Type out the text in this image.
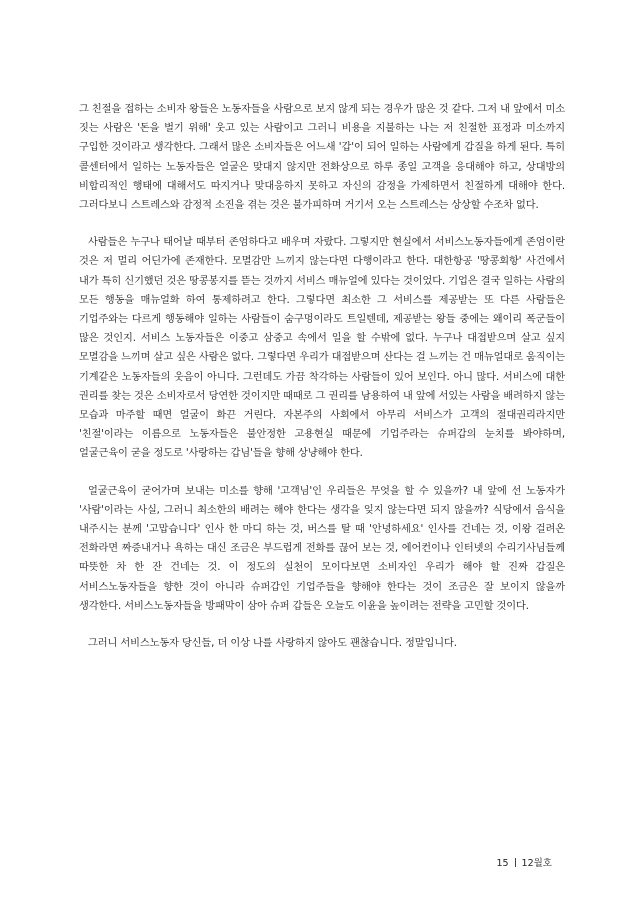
그 친절을 접하는 소비자 왕들은 노동자들을 사람으로 보지 않게 되는 경우가 많은 것 같다. 그저 내 앞에서 미소 짓는 사람은 '돈을 벌기 위해' 웃고 있는 사람이고 그러니 비용을 지불하는 나는 저 친절한 표정과 미소까지 구입한 것이라고 생각한다. 그래서 많은 소비자들은 어느새 '갑'이 되어 일하는 사람에게 갑질을 하게 된다. 특히 콜센터에서 일하는 노동자들은 얼굴은 맞대지 않지만 전화상으로 하루 종일 고객을 응대해야 하고, 상대방의 비합리적인 행태에 대해서도 따지거나 맞대응하지 못하고 자신의 감정을 가제하면서 친절하게 대해야 한다. 그러다보니 스트레스와 감정적 소진을 겪는 것은 불가피하며 거기서 오는 스트레스는 상상할 수조차 없다.

사람들은 누구나 태어날 때부터 존엄하다고 배우며 자랐다. 그렇지만 현실에서 서비스노동자들에게 존엄이란 것은 저 멀리 어딘가에 존재한다. 모멸감만 느끼지 않는다면 다행이라고 한다. 대한항공 '땅콩회항' 사건에서 내가 특히 신기했던 것은 땅콩봉지를 뜯는 것까지 서비스 매뉴얼에 있다는 것이었다. 기업은 결국 일하는 사람의 모든 행동을 매뉴얼화 하여 통제하려고 한다. 그렇다면 최소한 그 서비스를 제공받는 또 다른 사람들은 기업주와는 다르게 행동해야 일하는 사람들이 숨구멍이라도 트일텐데, 제공받는 왕들 중에는 왜이리 폭군들이 많은 것인지. 서비스 노동자들은 이중고 삼중고 속에서 일을 할 수밖에 없다. 누구나 대접받으며 살고 싶지 모멸감을 느끼며 살고 싶은 사람은 없다. 그렇다면 우리가 대접받으며 산다는 걸 느끼는 건 매뉴얼대로 움직이는 기계같은 노동자들의 웃음이 아니다. 그런데도 가끔 착각하는 사람들이 있어 보인다. 아니 많다. 서비스에 대한 권리를 찾는 것은 소비자로서 당연한 것이지만 때때로 그 권리를 남용하여 내 앞에 서있는 사람을 배려하지 않는 모습과 마주할 때면 얼굴이 화끈 거린다. 자본주의 사회에서 아무리 서비스가 고객의 절대권리라지만 '친절'이라는 이름으로 노동자들은 불안정한 고용현실 때문에 기업주라는 슈퍼갑의 눈치를 봐야하며, 얼굴근육이 굳을 정도로 '사랑하는 갑님'들을 향해 상냥해야 한다.

얼굴근육이 굳어가며 보내는 미소를 향해 '고객님'인 우리들은 무엇을 할 수 있을까? 내 앞에 선 노동자가 '사람'이라는 사실, 그러니 최소한의 배려는 해야 한다는 생각을 잊지 않는다면 되지 않을까? 식당에서 음식을 내주시는 분께 '고맙습니다' 인사 한 마디 하는 것, 버스를 탈 때 '안녕하세요' 인사를 건네는 것, 이왕 걸려온 전화라면 짜증내거나 욕하는 대신 조금은 부드럽게 전화를 끊어 보는 것, 에어컨이나 인터넷의 수리기사님들께 따뜻한 차 한 잔 건네는 것. 이 정도의 실천이 모이다보면 소비자인 우리가 해야 할 진짜 갑질은 서비스노동자들을 향한 것이 아니라 슈퍼갑인 기업주들을 향해야 한다는 것이 조금은 잘 보이지 않을까 생각한다. 서비스노동자들을 방패막이 삼아 슈퍼 갑들은 오늘도 이윤을 높이려는 전략을 고민할 것이다.

그러니 서비스노동자 당신들, 더 이상 나를 사랑하지 않아도 괜찮습니다. 정말입니다.

15 12월호
